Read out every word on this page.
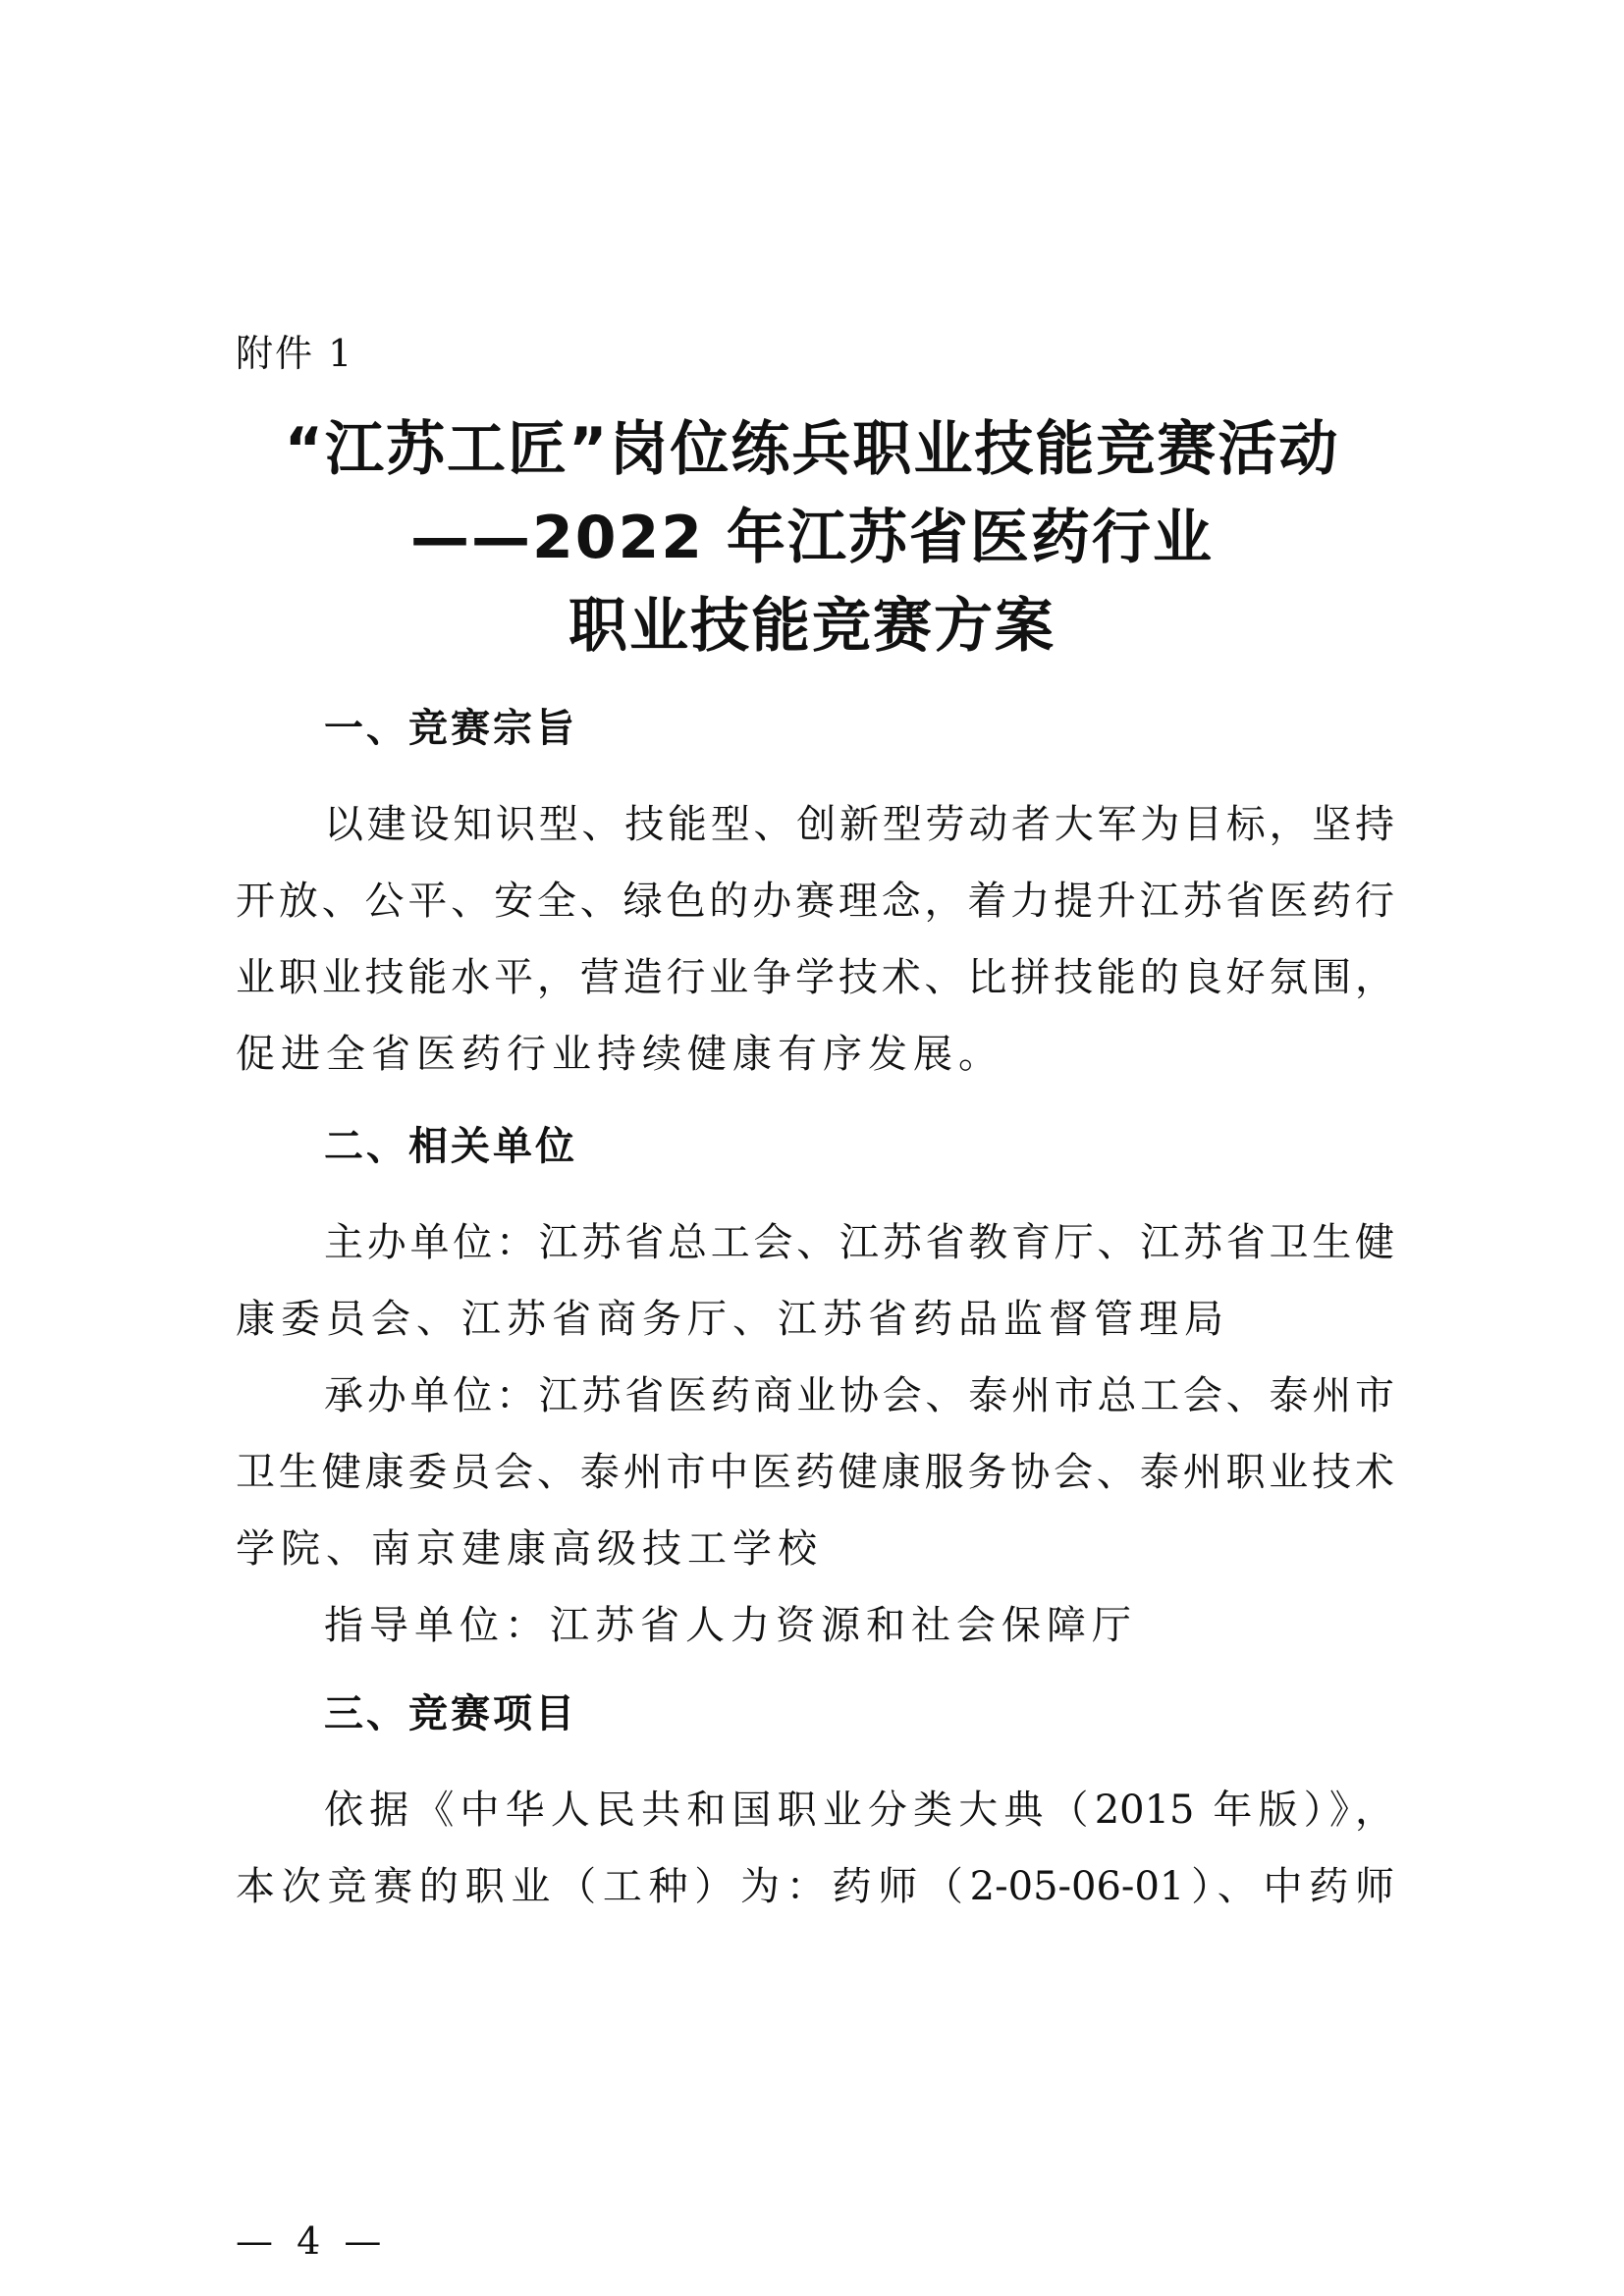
附件 1
“江苏工匠”岗位练兵职业技能竞赛活动
——2022 年江苏省医药行业
职业技能竞赛方案
一、竞赛宗旨
以建设知识型、技能型、创新型劳动者大军为目标，坚持
开放、公平、安全、绿色的办赛理念，着力提升江苏省医药行
业职业技能水平，营造行业争学技术、比拼技能的良好氛围，
促进全省医药行业持续健康有序发展。
二、相关单位
主办单位：江苏省总工会、江苏省教育厅、江苏省卫生健
康委员会、江苏省商务厅、江苏省药品监督管理局
承办单位：江苏省医药商业协会、泰州市总工会、泰州市
卫生健康委员会、泰州市中医药健康服务协会、泰州职业技术
学院、南京建康高级技工学校
指导单位：江苏省人力资源和社会保障厅
三、竞赛项目
依据《中华人民共和国职业分类大典（2015 年版）》，
本次竞赛的职业（工种）为：药师（2-05-06-01）、中药师
— 4 —
